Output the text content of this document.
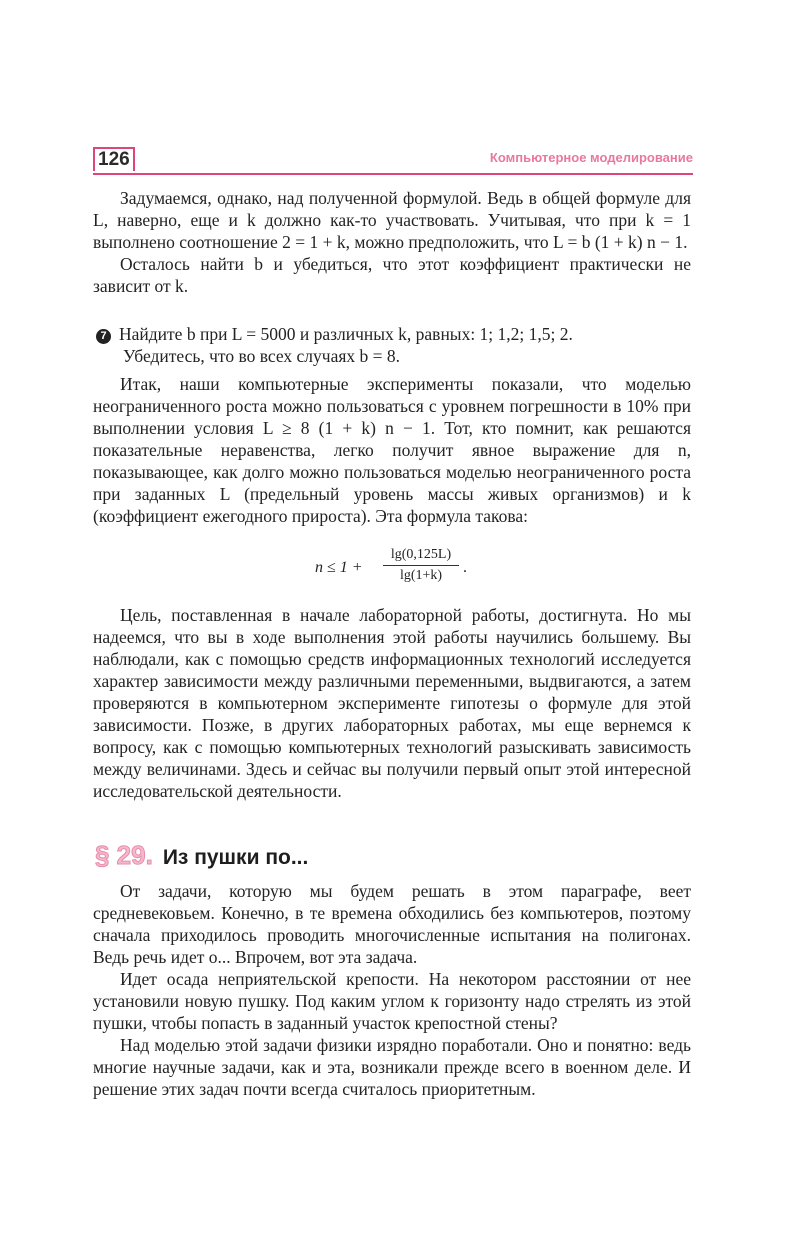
126	Компьютерное моделирование

Задумаемся, однако, над полученной формулой. Ведь в общей формуле для L, наверно, еще и k должно как-то участвовать. Учитывая, что при k = 1 выполнено соотношение 2 = 1 + k, можно предположить, что L = b (1 + k) n − 1.

Осталось найти b и убедиться, что этот коэффициент практически не зависит от k.

7 Найдите b при L = 5000 и различных k, равных: 1; 1,2; 1,5; 2.
Убедитесь, что во всех случаях b = 8.

Итак, наши компьютерные эксперименты показали, что моделью неограниченного роста можно пользоваться с уровнем погрешности в 10% при выполнении условия L ≥ 8 (1 + k) n − 1. Тот, кто помнит, как решаются показательные неравенства, легко получит явное выражение для n, показывающее, как долго можно пользоваться моделью неограниченного роста при заданных L (предельный уровень массы живых организмов) и k (коэффициент ежегодного прироста). Эта формула такова:

$n \le 1 + \frac{\lg(0,125L)}{\lg(1+k)}$ .

Цель, поставленная в начале лабораторной работы, достигнута. Но мы надеемся, что вы в ходе выполнения этой работы научились большему. Вы наблюдали, как с помощью средств информационных технологий исследуется характер зависимости между различными переменными, выдвигаются, а затем проверяются в компьютерном эксперименте гипотезы о формуле для этой зависимости. Позже, в других лабораторных работах, мы еще вернемся к вопросу, как с помощью компьютерных технологий разыскивать зависимость между величинами. Здесь и сейчас вы получили первый опыт этой интересной исследовательской деятельности.

§ 29. Из пушки по...

От задачи, которую мы будем решать в этом параграфе, веет средневековьем. Конечно, в те времена обходились без компьютеров, поэтому сначала приходилось проводить многочисленные испытания на полигонах. Ведь речь идет о... Впрочем, вот эта задача.

Идет осада неприятельской крепости. На некотором расстоянии от нее установили новую пушку. Под каким углом к горизонту надо стрелять из этой пушки, чтобы попасть в заданный участок крепостной стены?

Над моделью этой задачи физики изрядно поработали. Оно и понятно: ведь многие научные задачи, как и эта, возникали прежде всего в военном деле. И решение этих задач почти всегда считалось приоритетным.
